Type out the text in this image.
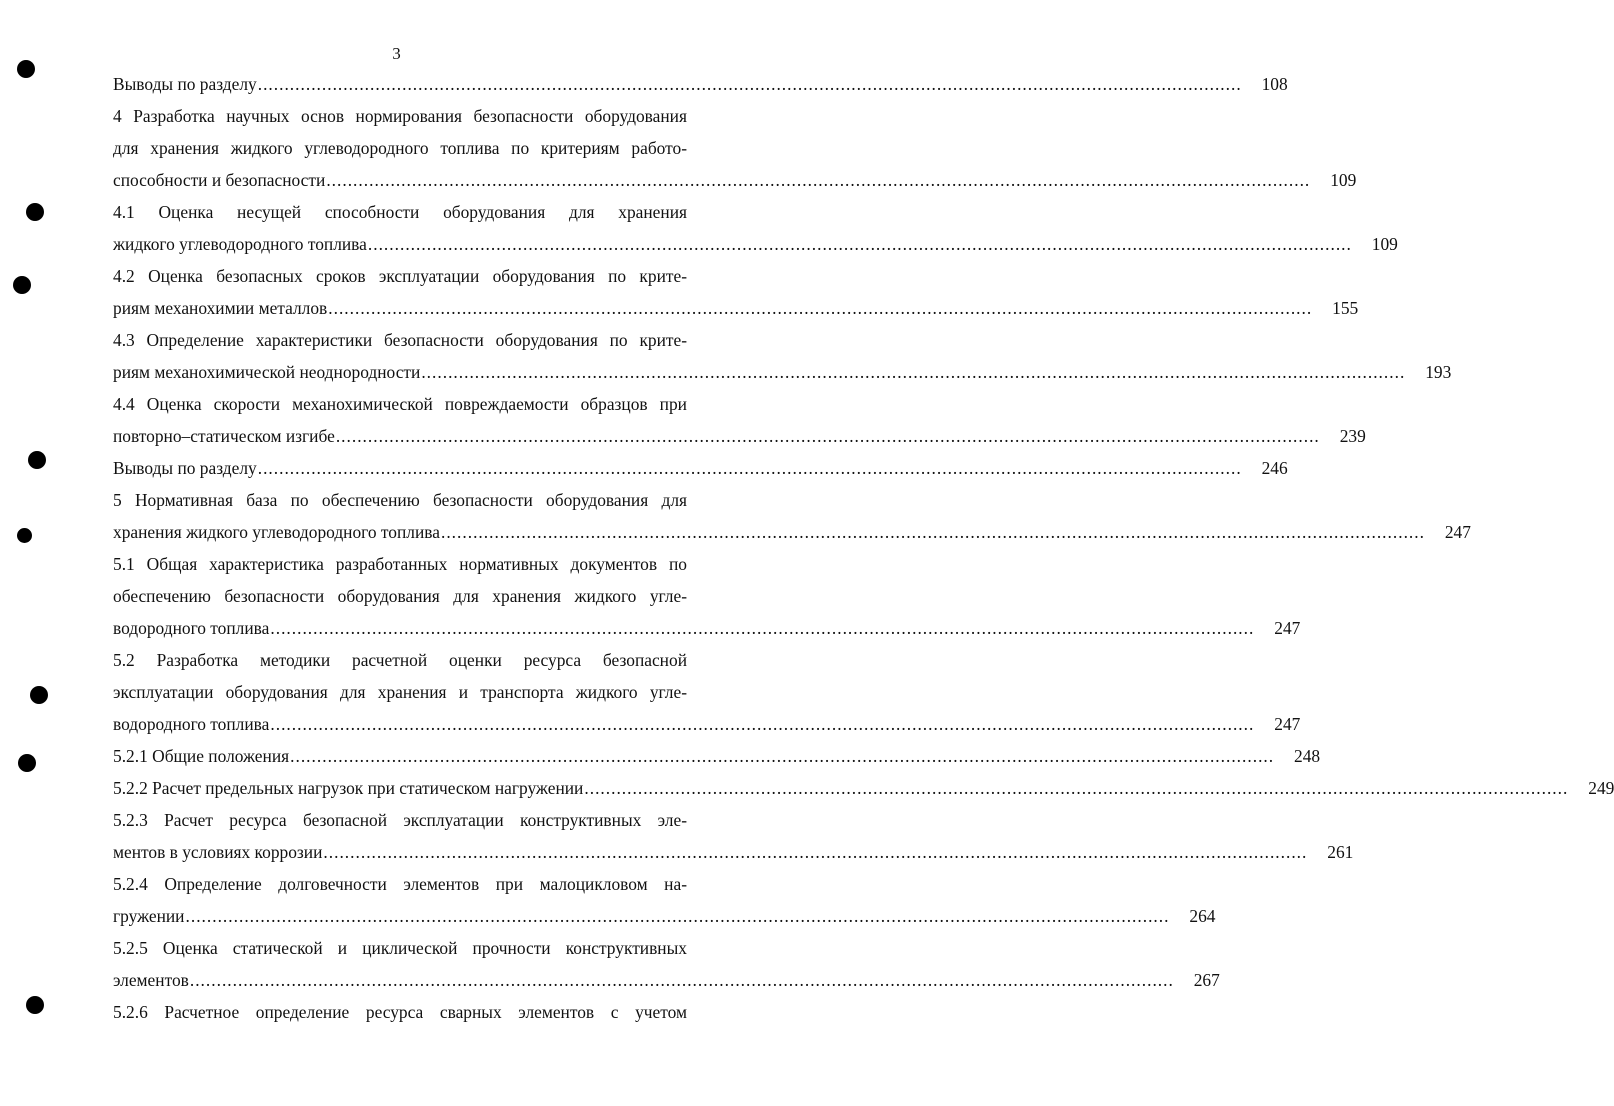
3
Выводы по разделу ........................................................................................................................................................................................	108
4 Разработка научных основ нормирования безопасности оборудования
для хранения жидкого углеводородного топлива по критериям работо-
способности и безопасности ........................................................................................................................................................................................	109
4.1 Оценка несущей способности оборудования для хранения
жидкого углеводородного топлива ........................................................................................................................................................................................	109
4.2 Оценка безопасных сроков эксплуатации оборудования по крите-
риям механохимии металлов ........................................................................................................................................................................................	155
4.3 Определение характеристики безопасности оборудования по крите-
риям механохимической неоднородности ........................................................................................................................................................................................	193
4.4 Оценка скорости механохимической повреждаемости образцов при
повторно–статическом изгибе ........................................................................................................................................................................................	239
Выводы по разделу ........................................................................................................................................................................................	246
5 Нормативная база по обеспечению безопасности оборудования для
хранения жидкого углеводородного топлива ........................................................................................................................................................................................	247
5.1 Общая характеристика разработанных нормативных документов по
обеспечению безопасности оборудования для хранения жидкого угле-
водородного топлива ........................................................................................................................................................................................	247
5.2 Разработка методики расчетной оценки ресурса безопасной
эксплуатации оборудования для хранения и транспорта жидкого угле-
водородного топлива ........................................................................................................................................................................................	247
5.2.1 Общие положения ........................................................................................................................................................................................	248
5.2.2 Расчет предельных нагрузок при статическом нагружении ........................................................................................................................................................................................	249
5.2.3 Расчет ресурса безопасной эксплуатации конструктивных эле-
ментов в условиях коррозии ........................................................................................................................................................................................	261
5.2.4 Определение долговечности элементов при малоцикловом на-
гружении ........................................................................................................................................................................................	264
5.2.5 Оценка статической и циклической прочности конструктивных
элементов ........................................................................................................................................................................................	267
5.2.6 Расчетное определение ресурса сварных элементов с учетом
